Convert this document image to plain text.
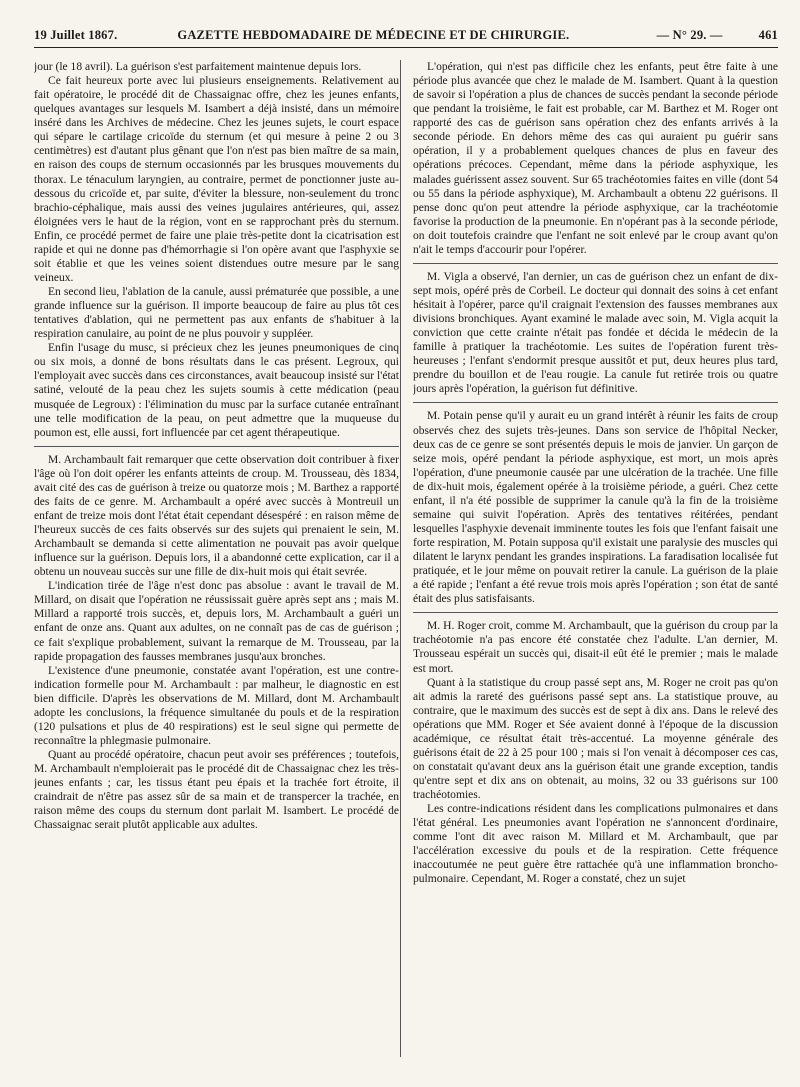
19 Juillet 1867.	GAZETTE HEBDOMADAIRE DE MÉDECINE ET DE CHIRURGIE.	— N° 29. —	461

jour (le 18 avril). La guérison s'est parfaitement maintenue depuis lors.

Ce fait heureux porte avec lui plusieurs enseignements. Relativement au fait opératoire, le procédé dit de Chassaignac offre, chez les jeunes enfants, quelques avantages sur lesquels M. Isambert a déjà insisté, dans un mémoire inséré dans les Archives de médecine. Chez les jeunes sujets, le court espace qui sépare le cartilage cricoïde du sternum (et qui mesure à peine 2 ou 3 centimètres) est d'autant plus gênant que l'on n'est pas bien maître de sa main, en raison des coups de sternum occasionnés par les brusques mouvements du thorax. Le ténaculum laryngien, au contraire, permet de ponctionner juste au-dessous du cricoïde et, par suite, d'éviter la blessure, non-seulement du tronc brachio-céphalique, mais aussi des veines jugulaires antérieures, qui, assez éloignées vers le haut de la région, vont en se rapprochant près du sternum. Enfin, ce procédé permet de faire une plaie très-petite dont la cicatrisation est rapide et qui ne donne pas d'hémorrhagie si l'on opère avant que l'asphyxie se soit établie et que les veines soient distendues outre mesure par le sang veineux.

En second lieu, l'ablation de la canule, aussi prématurée que possible, a une grande influence sur la guérison. Il importe beaucoup de faire au plus tôt ces tentatives d'ablation, qui ne permettent pas aux enfants de s'habituer à la respiration canulaire, au point de ne plus pouvoir y suppléer.

Enfin l'usage du musc, si précieux chez les jeunes pneumoniques de cinq ou six mois, a donné de bons résultats dans le cas présent. Legroux, qui l'employait avec succès dans ces circonstances, avait beaucoup insisté sur l'état satiné, velouté de la peau chez les sujets soumis à cette médication (peau musquée de Legroux) : l'élimination du musc par la surface cutanée entraînant une telle modification de la peau, on peut admettre que la muqueuse du poumon est, elle aussi, fort influencée par cet agent thérapeutique.

M. Archambault fait remarquer que cette observation doit contribuer à fixer l'âge où l'on doit opérer les enfants atteints de croup. M. Trousseau, dès 1834, avait cité des cas de guérison à treize ou quatorze mois ; M. Barthez a rapporté des faits de ce genre. M. Archambault a opéré avec succès à Montreuil un enfant de treize mois dont l'état était cependant désespéré : en raison même de l'heureux succès de ces faits observés sur des sujets qui prenaient le sein, M. Archambault se demanda si cette alimentation ne pouvait pas avoir quelque influence sur la guérison. Depuis lors, il a abandonné cette explication, car il a obtenu un nouveau succès sur une fille de dix-huit mois qui était sevrée.

L'indication tirée de l'âge n'est donc pas absolue : avant le travail de M. Millard, on disait que l'opération ne réussissait guère après sept ans ; mais M. Millard a rapporté trois succès, et, depuis lors, M. Archambault a guéri un enfant de onze ans. Quant aux adultes, on ne connaît pas de cas de guérison ; ce fait s'explique probablement, suivant la remarque de M. Trousseau, par la rapide propagation des fausses membranes jusqu'aux bronches.

L'existence d'une pneumonie, constatée avant l'opération, est une contre-indication formelle pour M. Archambault : par malheur, le diagnostic en est bien difficile. D'après les observations de M. Millard, dont M. Archambault adopte les conclusions, la fréquence simultanée du pouls et de la respiration (120 pulsations et plus de 40 respirations) est le seul signe qui permette de reconnaître la phlegmasie pulmonaire.

Quant au procédé opératoire, chacun peut avoir ses préférences ; toutefois, M. Archambault n'emploierait pas le procédé dit de Chassaignac chez les très-jeunes enfants ; car, les tissus étant peu épais et la trachée fort étroite, il craindrait de n'être pas assez sûr de sa main et de transpercer la trachée, en raison même des coups du sternum dont parlait M. Isambert. Le procédé de Chassaignac serait plutôt applicable aux adultes.

L'opération, qui n'est pas difficile chez les enfants, peut être faite à une période plus avancée que chez le malade de M. Isambert. Quant à la question de savoir si l'opération a plus de chances de succès pendant la seconde période que pendant la troisième, le fait est probable, car M. Barthez et M. Roger ont rapporté des cas de guérison sans opération chez des enfants arrivés à la seconde période. En dehors même des cas qui auraient pu guérir sans opération, il y a probablement quelques chances de plus en faveur des opérations précoces. Cependant, même dans la période asphyxique, les malades guérissent assez souvent. Sur 65 trachéotomies faites en ville (dont 54 ou 55 dans la période asphyxique), M. Archambault a obtenu 22 guérisons. Il pense donc qu'on peut attendre la période asphyxique, car la trachéotomie favorise la production de la pneumonie. En n'opérant pas à la seconde période, on doit toutefois craindre que l'enfant ne soit enlevé par le croup avant qu'on n'ait le temps d'accourir pour l'opérer.

M. Vigla a observé, l'an dernier, un cas de guérison chez un enfant de dix-sept mois, opéré près de Corbeil. Le docteur qui donnait des soins à cet enfant hésitait à l'opérer, parce qu'il craignait l'extension des fausses membranes aux divisions bronchiques. Ayant examiné le malade avec soin, M. Vigla acquit la conviction que cette crainte n'était pas fondée et décida le médecin de la famille à pratiquer la trachéotomie. Les suites de l'opération furent très-heureuses ; l'enfant s'endormit presque aussitôt et put, deux heures plus tard, prendre du bouillon et de l'eau rougie. La canule fut retirée trois ou quatre jours après l'opération, la guérison fut définitive.

M. Potain pense qu'il y aurait eu un grand intérêt à réunir les faits de croup observés chez des sujets très-jeunes. Dans son service de l'hôpital Necker, deux cas de ce genre se sont présentés depuis le mois de janvier. Un garçon de seize mois, opéré pendant la période asphyxique, est mort, un mois après l'opération, d'une pneumonie causée par une ulcération de la trachée. Une fille de dix-huit mois, également opérée à la troisième période, a guéri. Chez cette enfant, il n'a été possible de supprimer la canule qu'à la fin de la troisième semaine qui suivit l'opération. Après des tentatives réitérées, pendant lesquelles l'asphyxie devenait imminente toutes les fois que l'enfant faisait une forte respiration, M. Potain supposa qu'il existait une paralysie des muscles qui dilatent le larynx pendant les grandes inspirations. La faradisation localisée fut pratiquée, et le jour même on pouvait retirer la canule. La guérison de la plaie a été rapide ; l'enfant a été revue trois mois après l'opération ; son état de santé était des plus satisfaisants.

M. H. Roger croit, comme M. Archambault, que la guérison du croup par la trachéotomie n'a pas encore été constatée chez l'adulte. L'an dernier, M. Trousseau espérait un succès qui, disait-il eût été le premier ; mais le malade est mort.

Quant à la statistique du croup passé sept ans, M. Roger ne croit pas qu'on ait admis la rareté des guérisons passé sept ans. La statistique prouve, au contraire, que le maximum des succès est de sept à dix ans. Dans le relevé des opérations que MM. Roger et Sée avaient donné à l'époque de la discussion académique, ce résultat était très-accentué. La moyenne générale des guérisons était de 22 à 25 pour 100 ; mais si l'on venait à décomposer ces cas, on constatait qu'avant deux ans la guérison était une grande exception, tandis qu'entre sept et dix ans on obtenait, au moins, 32 ou 33 guérisons sur 100 trachéotomies.

Les contre-indications résident dans les complications pulmonaires et dans l'état général. Les pneumonies avant l'opération ne s'annoncent d'ordinaire, comme l'ont dit avec raison M. Millard et M. Archambault, que par l'accélération excessive du pouls et de la respiration. Cette fréquence inaccoutumée ne peut guère être rattachée qu'à une inflammation broncho-pulmonaire. Cependant, M. Roger a constaté, chez un sujet
